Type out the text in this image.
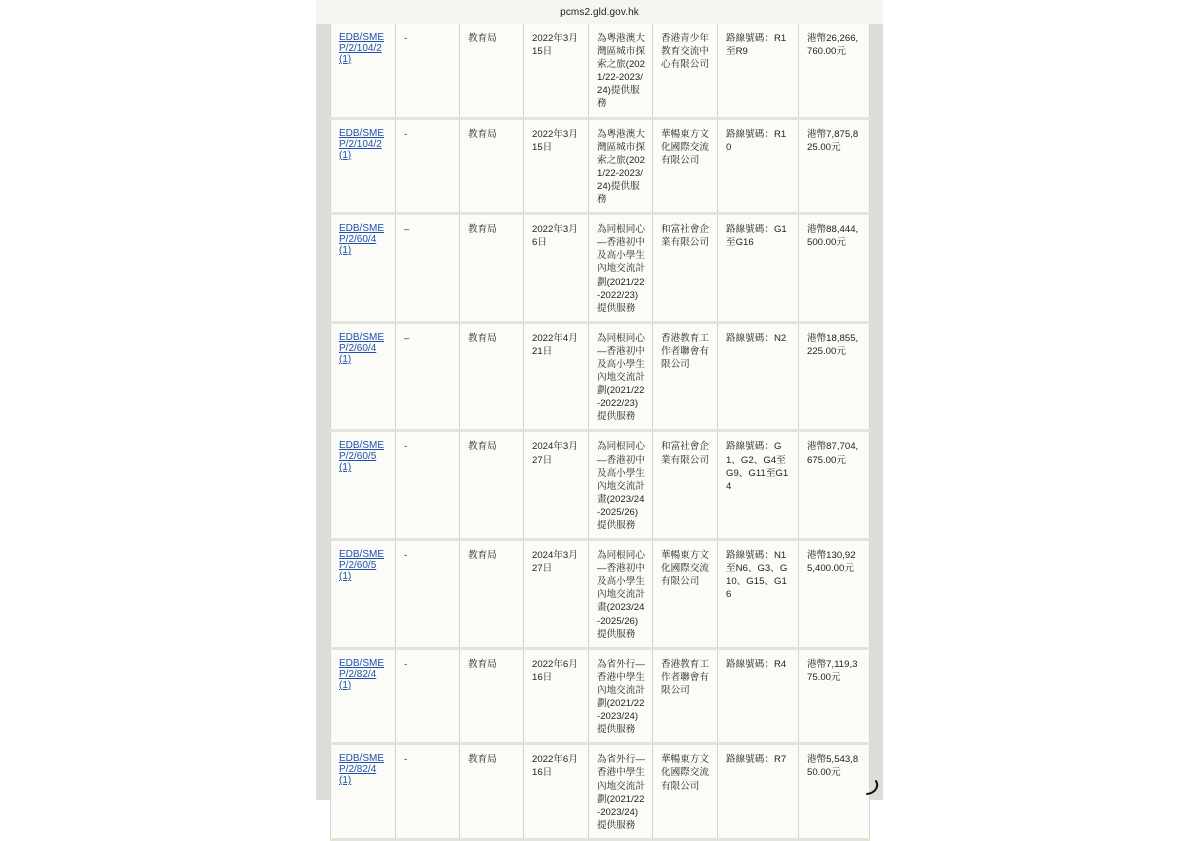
pcms2.gld.gov.hk
EDB/SMEP/2/104/2(1)	-	教育局	2022年3月15日	為粵港澳大灣區城市探索之旅(2021/22-2023/24)提供服務	香港青少年教育交流中心有限公司	路線號碼：R1至R9	港幣26,266,760.00元

EDB/SMEP/2/104/2(1)	-	教育局	2022年3月15日	為粵港澳大灣區城市探索之旅(2021/22-2023/24)提供服務	華暢東方文化國際交流有限公司	路線號碼：R10	港幣7,875,825.00元

EDB/SMEP/2/60/4(1)	–	教育局	2022年3月6日	為同根同心—香港初中及高小學生內地交流計劃(2021/22-2022/23)提供服務	和富社會企業有限公司	路線號碼：G1至G16	港幣88,444,500.00元

EDB/SMEP/2/60/4(1)	–	教育局	2022年4月21日	為同根同心—香港初中及高小學生內地交流計劃(2021/22-2022/23)提供服務	香港教育工作者聯會有限公司	路線號碼：N2	港幣18,855,225.00元

EDB/SMEP/2/60/5(1)	-	教育局	2024年3月27日	為同根同心—香港初中及高小學生內地交流計畫(2023/24-2025/26)提供服務	和富社會企業有限公司	路線號碼：G1、G2、G4至G9、G11至G14	港幣87,704,675.00元

EDB/SMEP/2/60/5(1)	-	教育局	2024年3月27日	為同根同心—香港初中及高小學生內地交流計畫(2023/24-2025/26)提供服務	華暢東方文化國際交流有限公司	路線號碼：N1至N6、G3、G10、G15、G16	港幣130,925,400.00元

EDB/SMEP/2/82/4(1)	-	教育局	2022年6月16日	為省外行—香港中學生內地交流計劃(2021/22-2023/24)提供服務	香港教育工作者聯會有限公司	路線號碼：R4	港幣7,119,375.00元

EDB/SMEP/2/82/4(1)	-	教育局	2022年6月16日	為省外行—香港中學生內地交流計劃(2021/22-2023/24)提供服務	華暢東方文化國際交流有限公司	路線號碼：R7	港幣5,543,850.00元
